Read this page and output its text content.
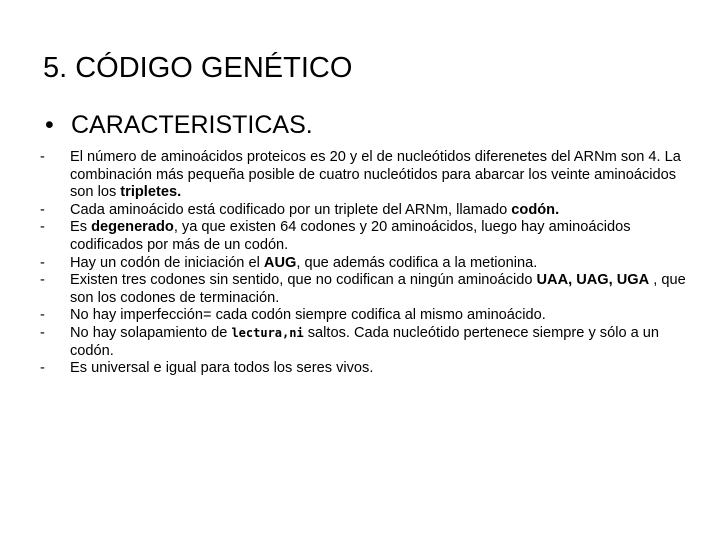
5. CÓDIGO GENÉTICO
• CARACTERISTICAS.
-	El número de aminoácidos proteicos es 20 y el de nucleótidos diferenetes del ARNm son 4. La combinación más pequeña posible de cuatro nucleótidos para abarcar los veinte aminoácidos son los tripletes.
-	Cada aminoácido está codificado por un triplete del ARNm, llamado codón.
-	Es degenerado, ya que existen 64 codones y 20 aminoácidos, luego hay aminoácidos codificados por más de un codón.
-	Hay un codón de iniciación el AUG, que además codifica a la metionina.
-	Existen tres codones sin sentido, que no codifican a ningún aminoácido UAA, UAG, UGA , que son los codones de terminación.
-	No hay imperfección= cada codón siempre codifica al mismo aminoácido.
-	No hay solapamiento de lectura,ni saltos. Cada nucleótido pertenece siempre y sólo a un codón.
-	Es universal e igual para todos los seres vivos.
